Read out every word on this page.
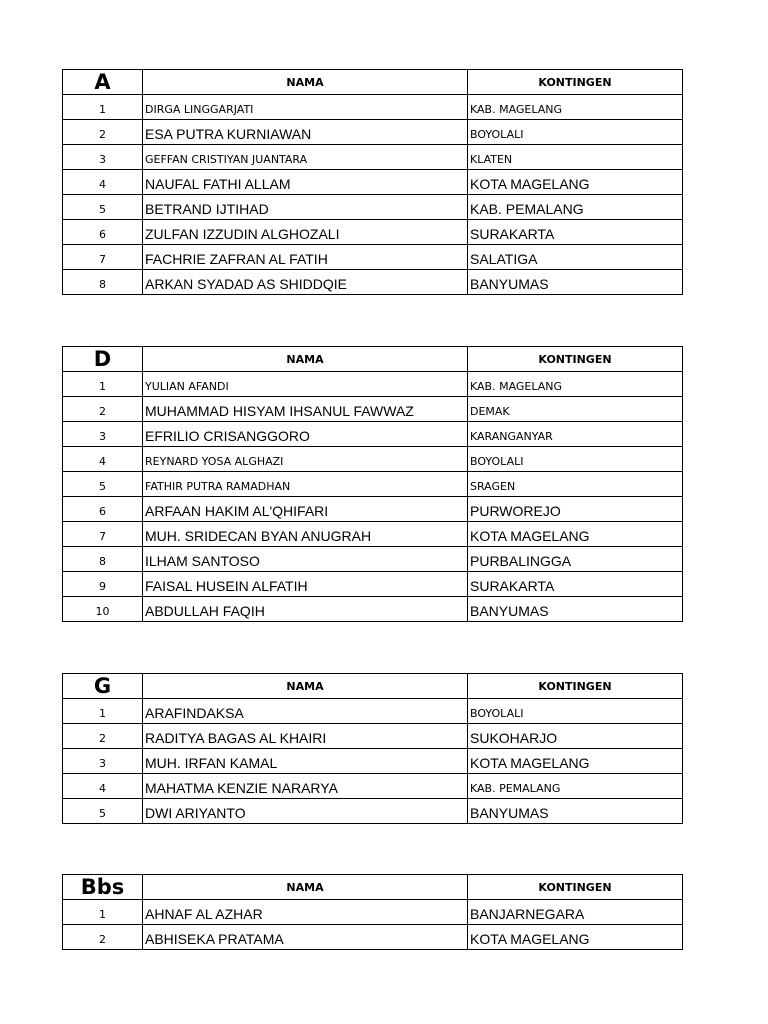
A	NAMA	KONTINGEN
1	DIRGA LINGGARJATI	KAB. MAGELANG
2	ESA PUTRA KURNIAWAN	BOYOLALI
3	GEFFAN CRISTIYAN JUANTARA	KLATEN
4	NAUFAL FATHI ALLAM	KOTA MAGELANG
5	BETRAND IJTIHAD	KAB. PEMALANG
6	ZULFAN IZZUDIN ALGHOZALI	SURAKARTA
7	FACHRIE ZAFRAN AL FATIH	SALATIGA
8	ARKAN SYADAD AS SHIDDQIE	BANYUMAS
D	NAMA	KONTINGEN
1	YULIAN AFANDI	KAB. MAGELANG
2	MUHAMMAD HISYAM IHSANUL FAWWAZ	DEMAK
3	EFRILIO CRISANGGORO	KARANGANYAR
4	REYNARD YOSA ALGHAZI	BOYOLALI
5	FATHIR PUTRA RAMADHAN	SRAGEN
6	ARFAAN HAKIM AL'QHIFARI	PURWOREJO
7	MUH. SRIDECAN BYAN ANUGRAH	KOTA MAGELANG
8	ILHAM SANTOSO	PURBALINGGA
9	FAISAL HUSEIN ALFATIH	SURAKARTA
10	ABDULLAH FAQIH	BANYUMAS
G	NAMA	KONTINGEN
1	ARAFINDAKSA	BOYOLALI
2	RADITYA BAGAS AL KHAIRI	SUKOHARJO
3	MUH. IRFAN KAMAL	KOTA MAGELANG
4	MAHATMA KENZIE NARARYA	KAB. PEMALANG
5	DWI ARIYANTO	BANYUMAS
Bbs	NAMA	KONTINGEN
1	AHNAF AL AZHAR	BANJARNEGARA
2	ABHISEKA PRATAMA	KOTA MAGELANG
